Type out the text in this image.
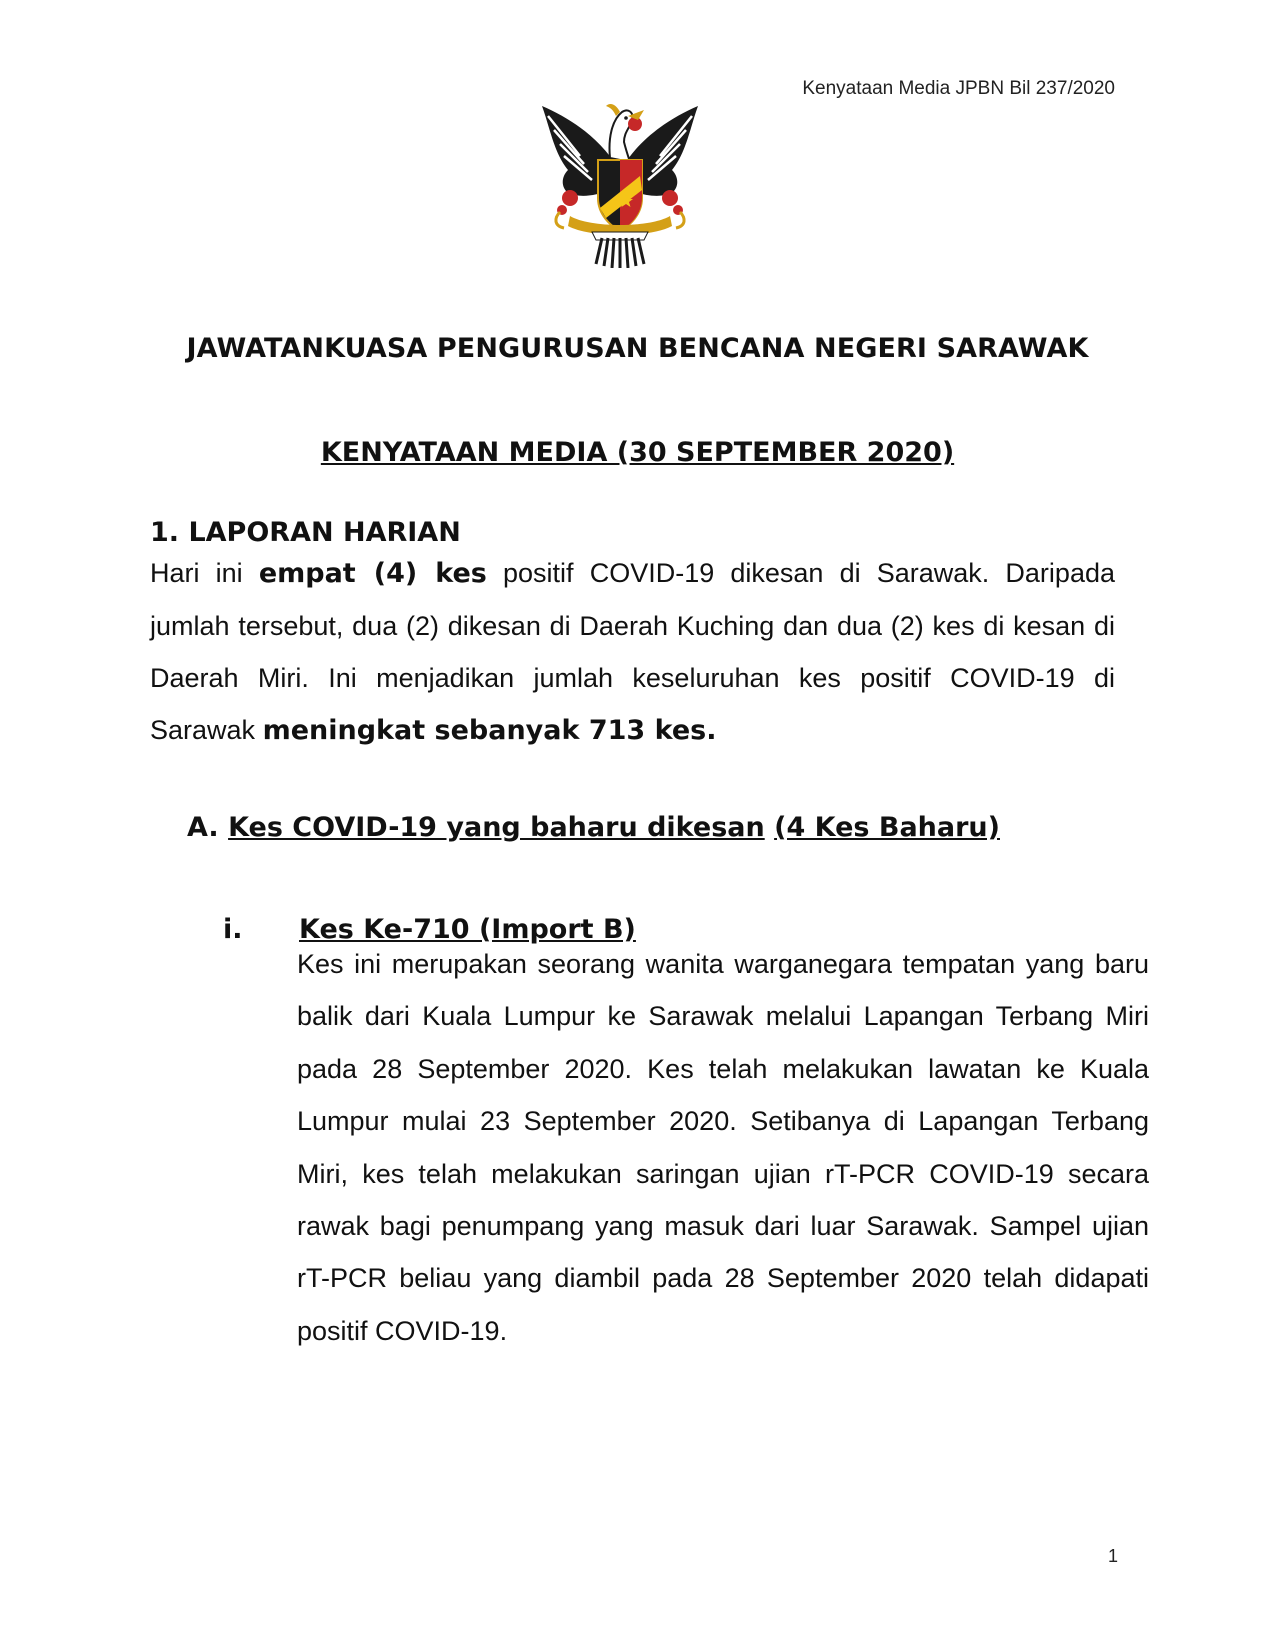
Kenyataan Media JPBN Bil 237/2020
JAWATANKUASA PENGURUSAN BENCANA NEGERI SARAWAK
KENYATAAN MEDIA (30 SEPTEMBER 2020)
1. LAPORAN HARIAN
Hari ini empat (4) kes positif COVID-19 dikesan di Sarawak. Daripada jumlah tersebut, dua (2) dikesan di Daerah Kuching dan dua (2) kes di kesan di Daerah Miri. Ini menjadikan jumlah keseluruhan kes positif COVID-19 di Sarawak meningkat sebanyak 713 kes.
A. Kes COVID-19 yang baharu dikesan (4 Kes Baharu)
i. Kes Ke-710 (Import B)
Kes ini merupakan seorang wanita warganegara tempatan yang baru balik dari Kuala Lumpur ke Sarawak melalui Lapangan Terbang Miri pada 28 September 2020. Kes telah melakukan lawatan ke Kuala Lumpur mulai 23 September 2020. Setibanya di Lapangan Terbang Miri, kes telah melakukan saringan ujian rT-PCR COVID-19 secara rawak bagi penumpang yang masuk dari luar Sarawak. Sampel ujian rT-PCR beliau yang diambil pada 28 September 2020 telah didapati positif COVID-19.
1
